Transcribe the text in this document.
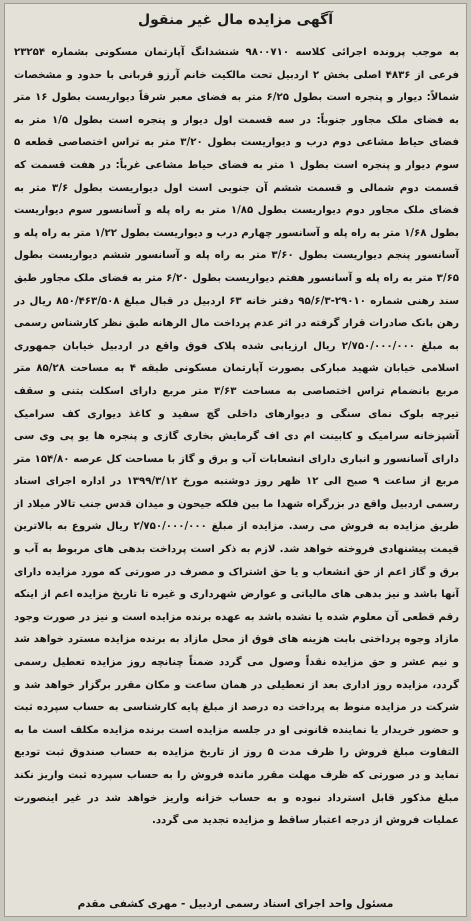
آگهی مزایده مال غیر منقول
به موجب پرونده اجرائی کلاسه ۹۸۰۰۷۱۰ شنشدانگ آپارتمان مسکونی بشماره ۲۳۲۵۴ فرعی از ۴۸۳۶ اصلی بخش ۲ اردبیل تحت مالکیت خانم آرزو قربانی با حدود و مشخصات شمالاً: دیوار و پنجره است بطول ۶/۲۵ متر به فضای معبر شرقاً دیواریست بطول ۱۶ متر به فضای ملک مجاور جنوباً: در سه قسمت اول دیوار و پنجره است بطول ۱/۵ متر به فضای حیاط مشاعی دوم درب و دیواریست بطول ۳/۲۰ متر به تراس اختصاصی قطعه ۵ سوم دیوار و پنجره است بطول ۱ متر به فضای حیاط مشاعی غرباً: در هفت قسمت که قسمت دوم شمالی و قسمت ششم آن جنوبی است اول دیواریست بطول ۳/۶ متر به فضای ملک مجاور دوم دیواریست بطول ۱/۸۵ متر به راه پله و آسانسور سوم دیواریست بطول ۱/۶۸ متر به راه پله و آسانسور چهارم درب و دیواریست بطول ۱/۲۲ متر به راه پله و آسانسور پنجم دیواریست بطول ۳/۶۰ متر به راه پله و آسانسور ششم دیواریست بطول ۳/۶۵ متر به راه پله و آسانسور هفتم دیواریست بطول ۶/۲۰ متر به فضای ملک مجاور طبق سند رهنی شماره ۲۹۰۱۰-۹۵/۶/۳ دفتر خانه ۶۳ اردبیل در قبال مبلغ ۸۵۰/۴۶۳/۵۰۸ ریال در رهن بانک صادرات قرار گرفته در اثر عدم پرداخت مال الرهانه طبق نظر کارشناس رسمی به مبلغ ۲/۷۵۰/۰۰۰/۰۰۰ ریال ارزیابی شده پلاک فوق واقع در اردبیل خیابان جمهوری اسلامی خیابان شهید مبارکی بصورت آپارتمان مسکونی طبقه ۴ به مساحت ۸۵/۲۸ متر مربع بانضمام تراس اختصاصی به مساحت ۳/۶۳ متر مربع دارای اسکلت بتنی و سقف تیرچه بلوک نمای سنگی و دیوارهای داخلی گچ سفید و کاغذ دیواری کف سرامیک آشپزخانه سرامیک و کابینت ام دی اف گرمایش بخاری گازی و پنجره ها یو پی وی سی دارای آسانسور و انباری دارای انشعابات آب و برق و گاز با مساحت کل عرصه ۱۵۴/۸۰ متر مربع از ساعت ۹ صبح الی ۱۲ ظهر روز دوشنبه مورخ ۱۳۹۹/۳/۱۲ در اداره اجرای اسناد رسمی اردبیل واقع در بزرگراه شهدا ما بین فلکه جیحون و میدان قدس جنب تالار میلاد از طریق مزایده به فروش می رسد. مزایده از مبلغ ۲/۷۵۰/۰۰۰/۰۰۰ ریال شروع به بالاترین قیمت پیشنهادی فروخته خواهد شد. لازم به ذکر است پرداخت بدهی های مربوط به آب و برق و گاز اعم از حق انشعاب و یا حق اشتراک و مصرف در صورتی که مورد مزایده دارای آنها باشد و نیز بدهی های مالیاتی و عوارض شهرداری و غیره تا تاریخ مزایده اعم از اینکه رقم قطعی آن معلوم شده یا نشده باشد به عهده برنده مزایده است و نیز در صورت وجود مازاد وجوه پرداختی بابت هزینه های فوق از محل مازاد به برنده مزایده مسترد خواهد شد و نیم عشر و حق مزایده نقداً وصول می گردد ضمناً چنانچه روز مزایده تعطیل رسمی گردد، مزایده روز اداری بعد از تعطیلی در همان ساعت و مکان مقرر برگزار خواهد شد و شرکت در مزایده منوط به پرداخت ده درصد از مبلغ پایه کارشناسی به حساب سپرده ثبت و حضور خریدار یا نماینده قانونی او در جلسه مزایده است برنده مزایده مکلف است ما به التفاوت مبلغ فروش را ظرف مدت ۵ روز از تاریخ مزایده به حساب صندوق ثبت تودیع نماید و در صورتی که ظرف مهلت مقرر مانده فروش را به حساب سپرده ثبت واریز نکند مبلغ مذکور قابل استرداد نبوده و به حساب خزانه واریز خواهد شد در غیر اینصورت عملیات فروش از درجه اعتبار ساقط و مزایده تجدید می گردد.
مسئول واحد اجرای اسناد رسمی اردبیل - مهری کشفی مقدم
